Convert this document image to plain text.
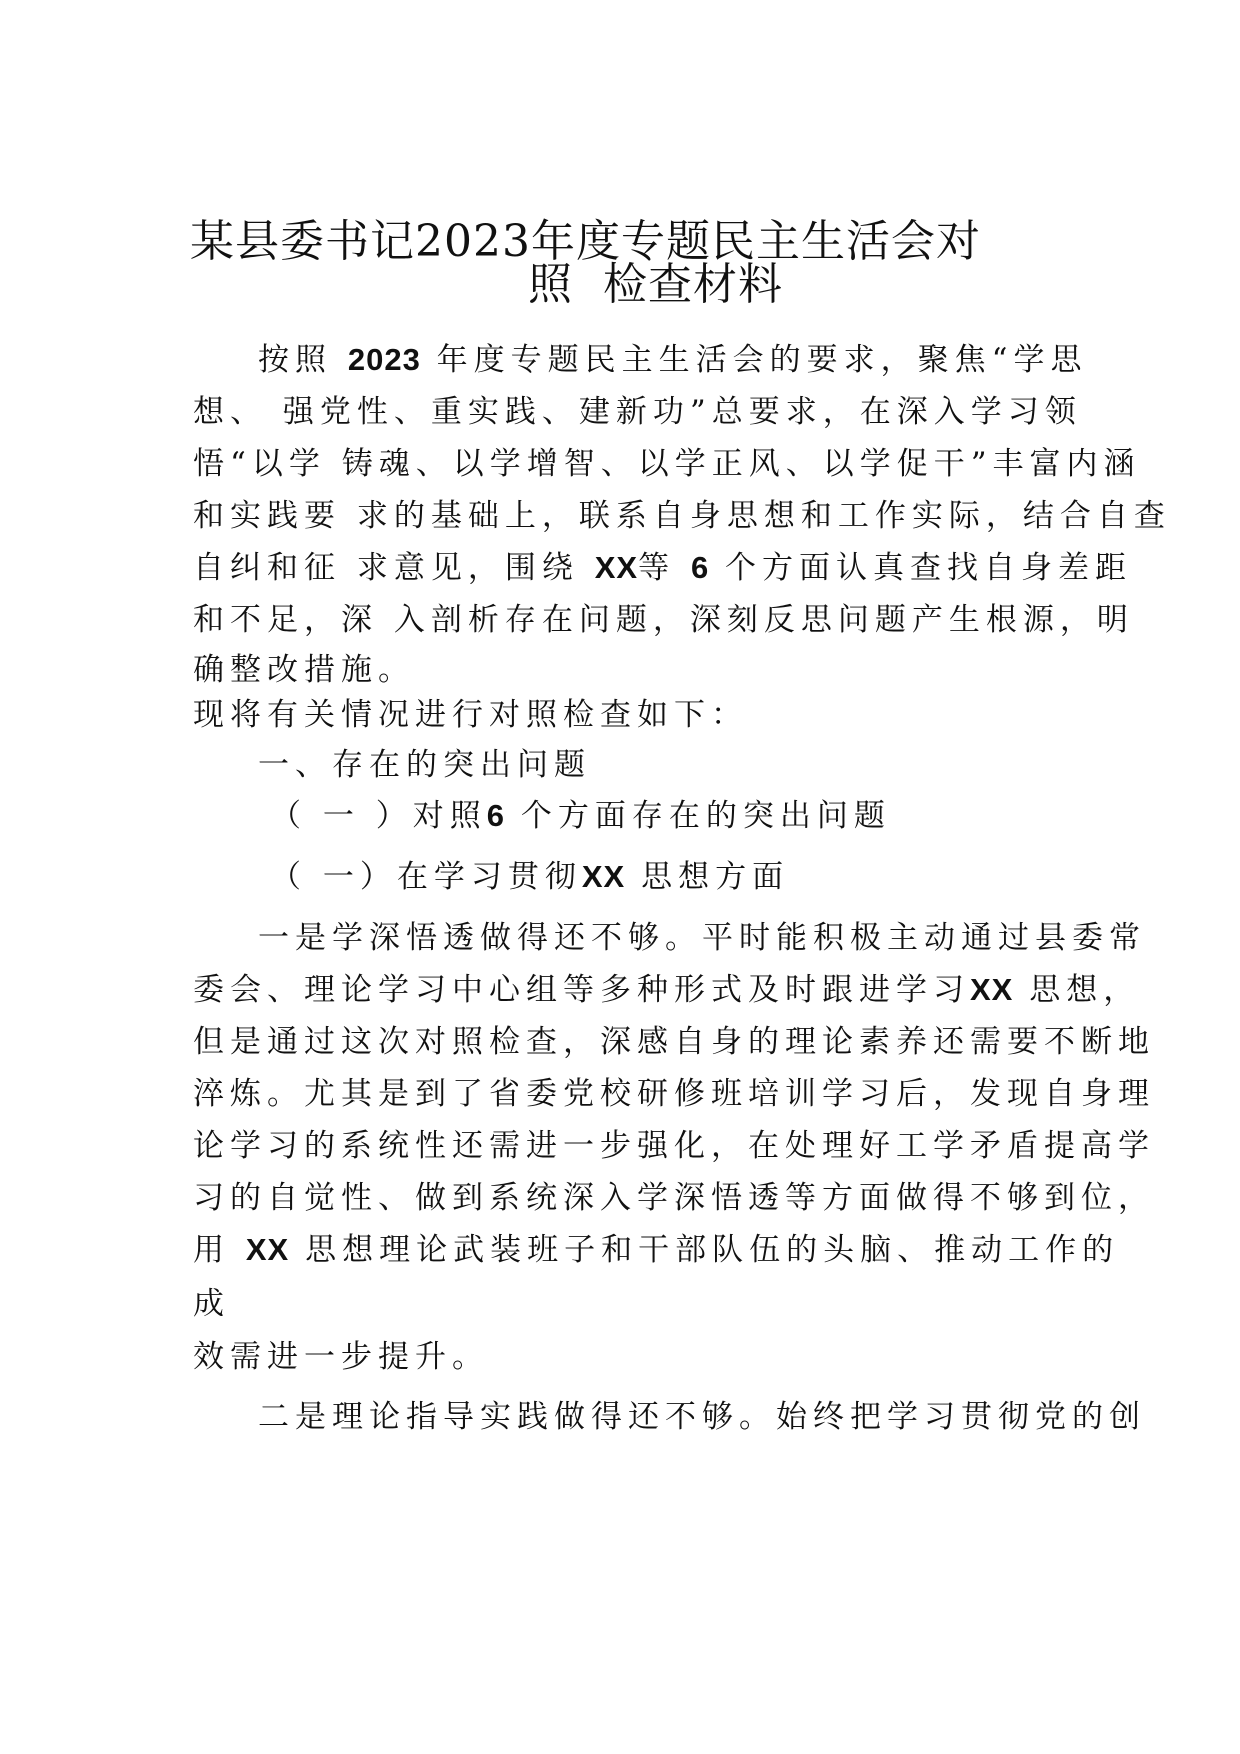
某县委书记2023年度专题民主生活会对
照 检查材料
按照 2023 年度专题民主生活会的要求，聚焦“学思
想、 强党性、重实践、建新功”总要求，在深入学习领
悟“以学 铸魂、以学增智、以学正风、以学促干”丰富内涵
和实践要 求的基础上，联系自身思想和工作实际，结合自查
自纠和征 求意见，围绕 XX等 6 个方面认真查找自身差距
和不足，深 入剖析存在问题，深刻反思问题产生根源，明
确整改措施。
现将有关情况进行对照检查如下：
一、存在的突出问题
（ 一 ）对照6 个方面存在的突出问题
（ 一）在学习贯彻XX 思想方面
一是学深悟透做得还不够。平时能积极主动通过县委常
委会、理论学习中心组等多种形式及时跟进学习XX 思想，
但是通过这次对照检查，深感自身的理论素养还需要不断地
淬炼。尤其是到了省委党校研修班培训学习后，发现自身理
论学习的系统性还需进一步强化，在处理好工学矛盾提高学
习的自觉性、做到系统深入学深悟透等方面做得不够到位，
用 XX 思想理论武装班子和干部队伍的头脑、推动工作的
成
效需进一步提升。
二是理论指导实践做得还不够。始终把学习贯彻党的创
